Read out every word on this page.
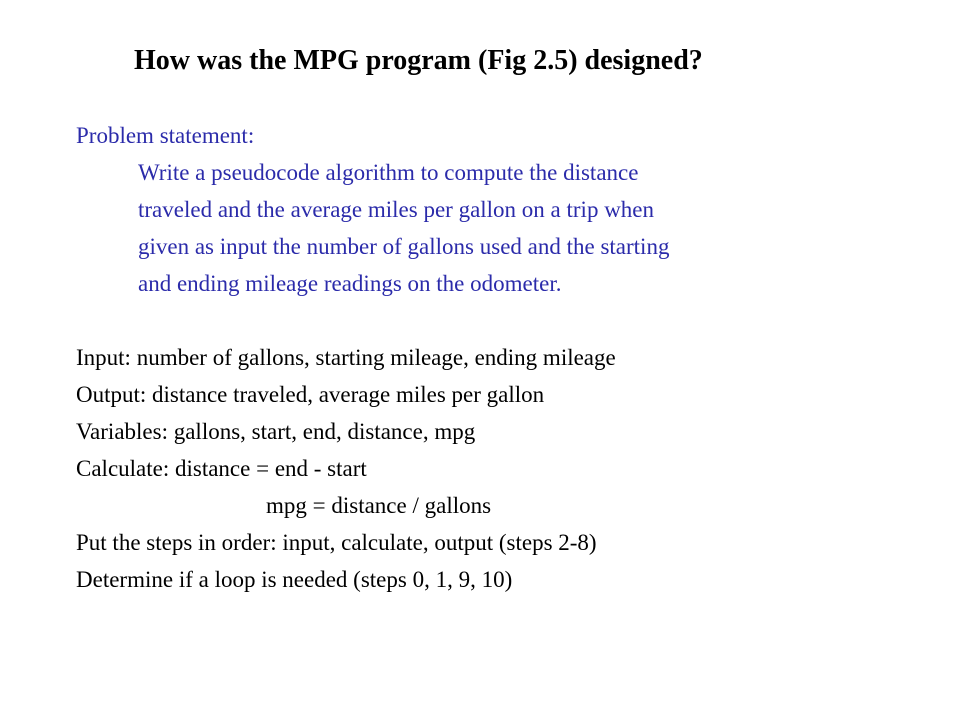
How was the MPG program (Fig 2.5) designed?
Problem statement:
Write a pseudocode algorithm to compute the distance
traveled and the average miles per gallon on a trip when
given as input the number of gallons used and the starting
and ending mileage readings on the odometer.
Input: number of gallons, starting mileage, ending mileage
Output: distance traveled, average miles per gallon
Variables: gallons, start, end, distance, mpg
Calculate: distance = end - start
mpg = distance / gallons
Put the steps in order: input, calculate, output (steps 2-8)
Determine if a loop is needed (steps 0, 1, 9, 10)
